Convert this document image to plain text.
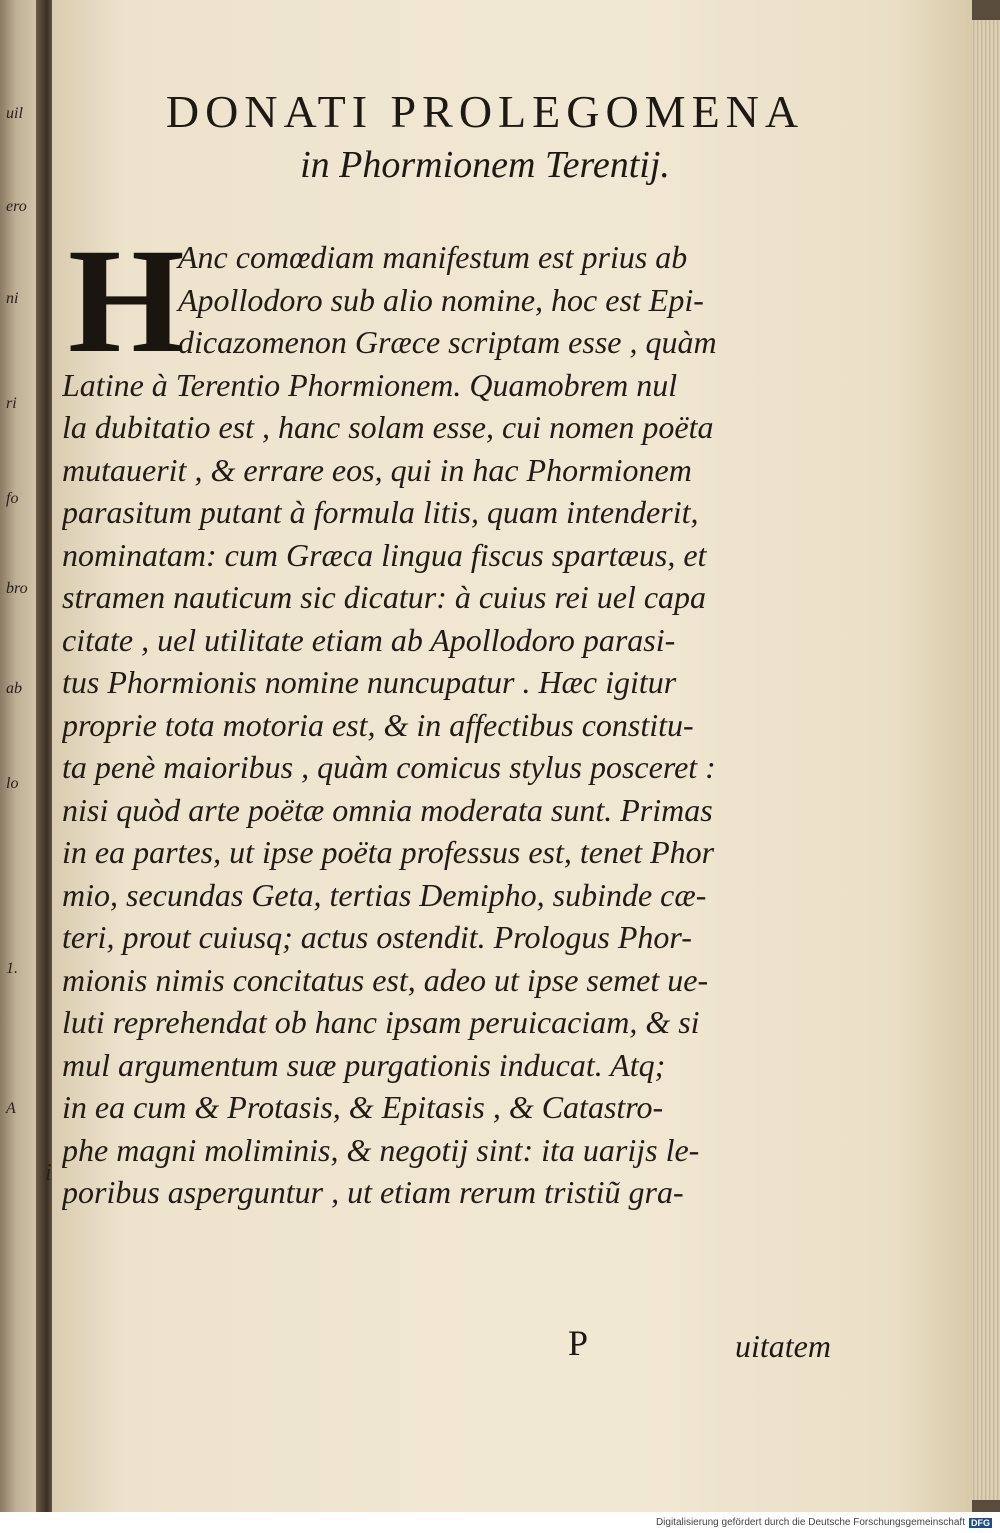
uil
ero
ni
ri
fo
bro
ab
lo
1.
A

DONATI PROLEGOMENA

in Phormionem Terentij.

H
Anc comœdiam manifestum est prius ab
Apollodoro sub alio nomine, hoc est Epi-
dicazomenon Græce scriptam esse , quàm
Latine à Terentio Phormionem. Quamobrem nul
la dubitatio est , hanc solam esse, cui nomen poëta
mutauerit , & errare eos, qui in hac Phormionem
parasitum putant à formula litis, quam intenderit,
nominatam: cum Græca lingua fiscus spartæus, et
stramen nauticum sic dicatur: à cuius rei uel capa
citate , uel utilitate etiam ab Apollodoro parasi-
tus Phormionis nomine nuncupatur . Hæc igitur
proprie tota motoria est, & in affectibus constitu-
ta penè maioribus , quàm comicus stylus posceret :
nisi quòd arte poëtæ omnia moderata sunt. Primas
in ea partes, ut ipse poëta professus est, tenet Phor
mio, secundas Geta, tertias Demipho, subinde cæ-
teri, prout cuiusq; actus ostendit. Prologus Phor-
mionis nimis concitatus est, adeo ut ipse semet ue-
luti reprehendat ob hanc ipsam peruicaciam, & si
mul argumentum suæ purgationis inducat. Atq;
in ea cum & Protasis, & Epitasis , & Catastro-
phe magni moliminis, & negotij sint: ita uarijs le-
poribus asperguntur , ut etiam rerum tristiũ gra-
i
P	uitatem
Digitalisierung gefördert durch die Deutsche Forschungsgemeinschaft DFG
